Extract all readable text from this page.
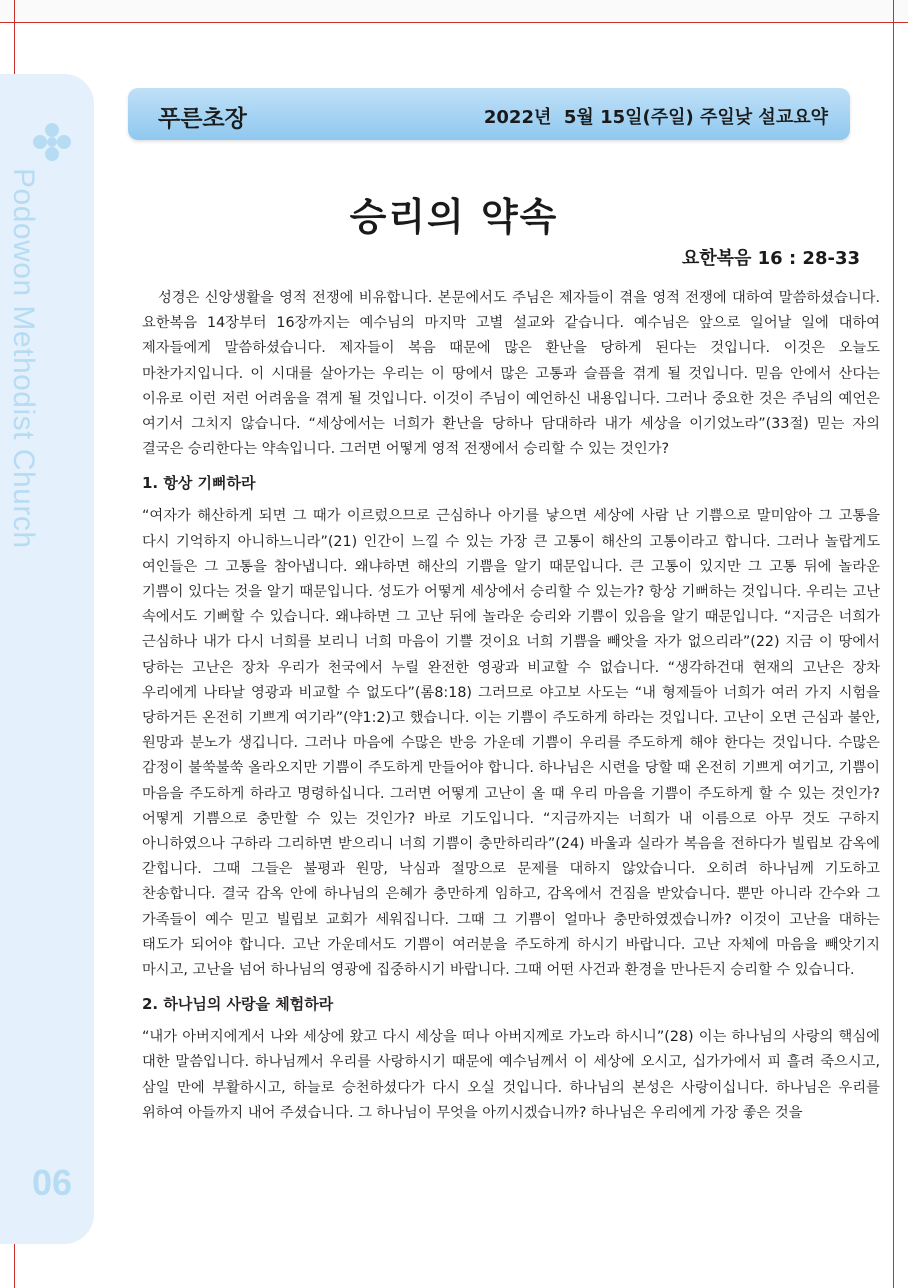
Podowon Methodist Church
06
푸른초장	2022년  5월 15일(주일) 주일낮 설교요약
승리의 약속
요한복음 16 : 28-33

성경은 신앙생활을 영적 전쟁에 비유합니다. 본문에서도 주님은 제자들이 겪을 영적 전쟁에 대하여 말씀하셨습니다. 요한복음 14장부터 16장까지는 예수님의 마지막 고별 설교와 같습니다. 예수님은 앞으로 일어날 일에 대하여 제자들에게 말씀하셨습니다. 제자들이 복음 때문에 많은 환난을 당하게 된다는 것입니다. 이것은 오늘도 마찬가지입니다. 이 시대를 살아가는 우리는 이 땅에서 많은 고통과 슬픔을 겪게 될 것입니다. 믿음 안에서 산다는 이유로 이런 저런 어려움을 겪게 될 것입니다. 이것이 주님이 예언하신 내용입니다. 그러나 중요한 것은 주님의 예언은 여기서 그치지 않습니다. “세상에서는 너희가 환난을 당하나 담대하라 내가 세상을 이기었노라”(33절) 믿는 자의 결국은 승리한다는 약속입니다. 그러면 어떻게 영적 전쟁에서 승리할 수 있는 것인가?

1. 항상 기뻐하라

“여자가 해산하게 되면 그 때가 이르렀으므로 근심하나 아기를 낳으면 세상에 사람 난 기쁨으로 말미암아 그 고통을 다시 기억하지 아니하느니라”(21) 인간이 느낄 수 있는 가장 큰 고통이 해산의 고통이라고 합니다. 그러나 놀랍게도 여인들은 그 고통을 참아냅니다. 왜냐하면 해산의 기쁨을 알기 때문입니다. 큰 고통이 있지만 그 고통 뒤에 놀라운 기쁨이 있다는 것을 알기 때문입니다. 성도가 어떻게 세상에서 승리할 수 있는가? 항상 기뻐하는 것입니다. 우리는 고난 속에서도 기뻐할 수 있습니다. 왜냐하면 그 고난 뒤에 놀라운 승리와 기쁨이 있음을 알기 때문입니다. “지금은 너희가 근심하나 내가 다시 너희를 보리니 너희 마음이 기쁠 것이요 너희 기쁨을 빼앗을 자가 없으리라”(22) 지금 이 땅에서 당하는 고난은 장차 우리가 천국에서 누릴 완전한 영광과 비교할 수 없습니다. “생각하건대 현재의 고난은 장차 우리에게 나타날 영광과 비교할 수 없도다”(롬8:18) 그러므로 야고보 사도는 “내 형제들아 너희가 여러 가지 시험을 당하거든 온전히 기쁘게 여기라”(약1:2)고 했습니다. 이는 기쁨이 주도하게 하라는 것입니다. 고난이 오면 근심과 불안, 원망과 분노가 생깁니다. 그러나 마음에 수많은 반응 가운데 기쁨이 우리를 주도하게 해야 한다는 것입니다. 수많은 감정이 불쑥불쑥 올라오지만 기쁨이 주도하게 만들어야 합니다. 하나님은 시련을 당할 때 온전히 기쁘게 여기고, 기쁨이 마음을 주도하게 하라고 명령하십니다. 그러면 어떻게 고난이 올 때 우리 마음을 기쁨이 주도하게 할 수 있는 것인가? 어떻게 기쁨으로 충만할 수 있는 것인가? 바로 기도입니다. “지금까지는 너희가 내 이름으로 아무 것도 구하지 아니하였으나 구하라 그리하면 받으리니 너희 기쁨이 충만하리라”(24) 바울과 실라가 복음을 전하다가 빌립보 감옥에 갇힙니다. 그때 그들은 불평과 원망, 낙심과 절망으로 문제를 대하지 않았습니다. 오히려 하나님께 기도하고 찬송합니다. 결국 감옥 안에 하나님의 은혜가 충만하게 임하고, 감옥에서 건짐을 받았습니다. 뿐만 아니라 간수와 그 가족들이 예수 믿고 빌립보 교회가 세워집니다. 그때 그 기쁨이 얼마나 충만하였겠습니까? 이것이 고난을 대하는 태도가 되어야 합니다. 고난 가운데서도 기쁨이 여러분을 주도하게 하시기 바랍니다. 고난 자체에 마음을 빼앗기지 마시고, 고난을 넘어 하나님의 영광에 집중하시기 바랍니다. 그때 어떤 사건과 환경을 만나든지 승리할 수 있습니다.

2. 하나님의 사랑을 체험하라

“내가 아버지에게서 나와 세상에 왔고 다시 세상을 떠나 아버지께로 가노라 하시니”(28) 이는 하나님의 사랑의 핵심에 대한 말씀입니다. 하나님께서 우리를 사랑하시기 때문에 예수님께서 이 세상에 오시고, 십가가에서 피 흘려 죽으시고, 삼일 만에 부활하시고, 하늘로 승천하셨다가 다시 오실 것입니다. 하나님의 본성은 사랑이십니다. 하나님은 우리를 위하여 아들까지 내어 주셨습니다. 그 하나님이 무엇을 아끼시겠습니까? 하나님은 우리에게 가장 좋은 것을
